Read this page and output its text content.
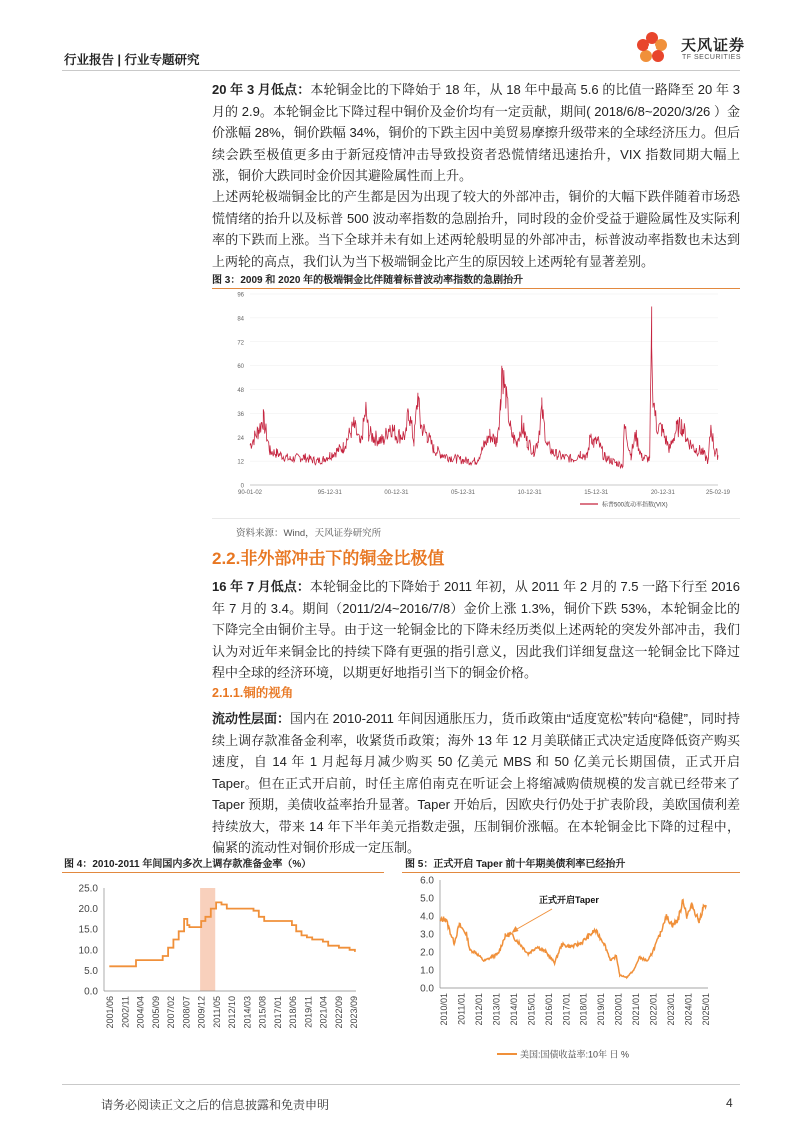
行业报告 | 行业专题研究
天风证券
TF SECURITIES

20 年 3 月低点：本轮铜金比的下降始于 18 年，从 18 年中最高 5.6 的比值一路降至 20 年 3 月的 2.9。本轮铜金比下降过程中铜价及金价均有一定贡献，期间( 2018/6/8~2020/3/26 ）金价涨幅 28%，铜价跌幅 34%，铜价的下跌主因中美贸易摩擦升级带来的全球经济压力。但后续会跌至极值更多由于新冠疫情冲击导致投资者恐慌情绪迅速抬升，VIX 指数同期大幅上涨，铜价大跌同时金价因其避险属性而上升。

上述两轮极端铜金比的产生都是因为出现了较大的外部冲击，铜价的大幅下跌伴随着市场恐慌情绪的抬升以及标普 500 波动率指数的急剧抬升，同时段的金价受益于避险属性及实际利率的下跌而上涨。当下全球并未有如上述两轮般明显的外部冲击，标普波动率指数也未达到上两轮的高点，我们认为当下极端铜金比产生的原因较上述两轮有显著差别。

图 3：2009 和 2020 年的极端铜金比伴随着标普波动率指数的急剧抬升
96
84
72
60
48
36
24
12
0
90-01-02	95-12-31	00-12-31	05-12-31	10-12-31	15-12-31	20-12-31	25-02-19
标普500波动率指数(VIX)
资料来源：Wind，天风证券研究所
2.2.非外部冲击下的铜金比极值

16 年 7 月低点：本轮铜金比的下降始于 2011 年初，从 2011 年 2 月的 7.5 一路下行至 2016 年 7 月的 3.4。期间（2011/2/4~2016/7/8）金价上涨 1.3%，铜价下跌 53%，本轮铜金比的下降完全由铜价主导。由于这一轮铜金比的下降未经历类似上述两轮的突发外部冲击，我们认为对近年来铜金比的持续下降有更强的指引意义，因此我们详细复盘这一轮铜金比下降过程中全球的经济环境，以期更好地指引当下的铜金价格。

2.1.1.铜的视角

流动性层面：国内在 2010-2011 年间因通胀压力，货币政策由“适度宽松”转向“稳健”，同时持续上调存款准备金利率，收紧货币政策；海外 13 年 12 月美联储正式决定适度降低资产购买速度，自 14 年 1 月起每月减少购买 50 亿美元 MBS 和 50 亿美元长期国债，正式开启 Taper。但在正式开启前，时任主席伯南克在听证会上将缩减购债规模的发言就已经带来了 Taper 预期，美债收益率抬升显著。Taper 开始后，因欧央行仍处于扩表阶段，美欧国债利差持续放大，带来 14 年下半年美元指数走强，压制铜价涨幅。在本轮铜金比下降的过程中，偏紧的流动性对铜价形成一定压制。

图 4：2010-2011 年间国内多次上调存款准备金率（%）
25.0
20.0
15.0
10.0
5.0
0.0
2001/06 2002/11 2004/04 2005/09 2007/02 2008/07 2009/12 2011/05 2012/10 2014/03 2015/08 2017/01 2018/06 2019/11 2021/04 2022/09 2023/09
图 5：正式开启 Taper 前十年期美债利率已经抬升
6.0
5.0
4.0
3.0
2.0
1.0
0.0
2010/01 2011/01 2012/01 2013/01 2014/01 2015/01 2016/01 2017/01 2018/01 2019/01 2020/01 2021/01 2022/01 2023/01 2024/01 2025/01
正式开启Taper
美国:国债收益率:10年 日 %
请务必阅读正文之后的信息披露和免责申明	4
